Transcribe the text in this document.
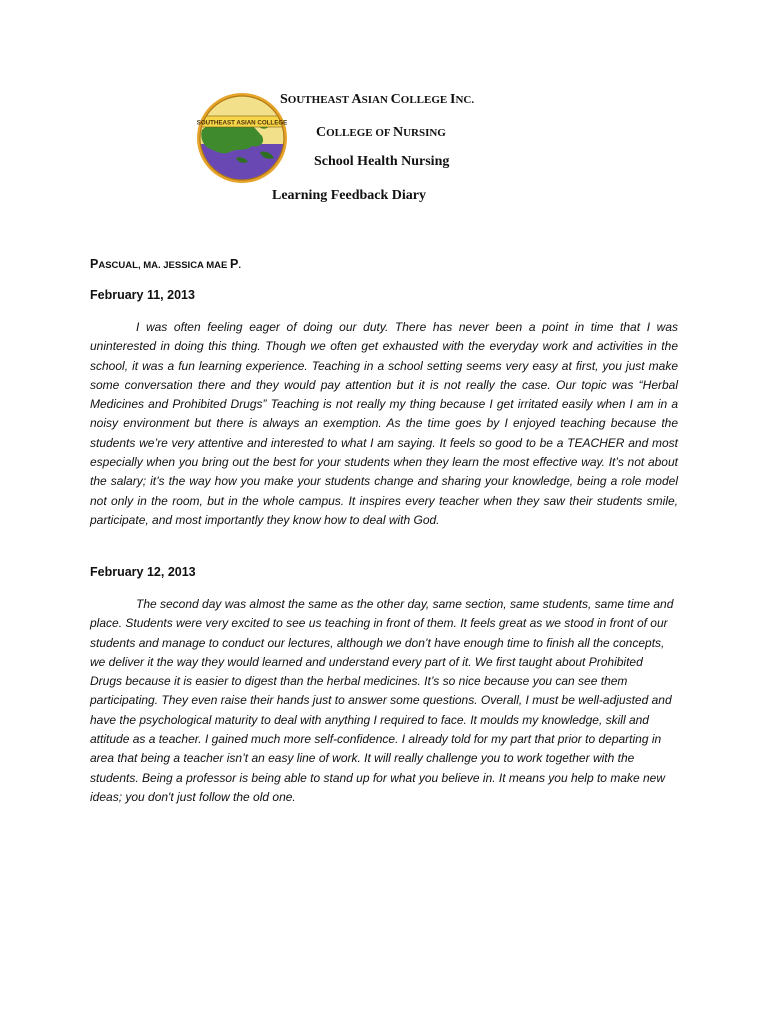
SOUTHEAST ASIAN COLLEGE
SOUTHEAST ASIAN COLLEGE INC.
COLLEGE OF NURSING
School Health Nursing
Learning Feedback Diary
PASCUAL, MA. JESSICA MAE P.
February 11, 2013

I was often feeling eager of doing our duty. There has never been a point in time that I was uninterested in doing this thing. Though we often get exhausted with the everyday work and activities in the school, it was a fun learning experience. Teaching in a school setting seems very easy at first, you just make some conversation there and they would pay attention but it is not really the case. Our topic was “Herbal Medicines and Prohibited Drugs” Teaching is not really my thing because I get irritated easily when I am in a noisy environment but there is always an exemption. As the time goes by I enjoyed teaching because the students we’re very attentive and interested to what I am saying. It feels so good to be a TEACHER and most especially when you bring out the best for your students when they learn the most effective way. It’s not about the salary; it’s the way how you make your students change and sharing your knowledge, being a role model not only in the room, but in the whole campus. It inspires every teacher when they saw their students smile, participate, and most importantly they know how to deal with God.

February 12, 2013

The second day was almost the same as the other day, same section, same students, same time and place. Students were very excited to see us teaching in front of them. It feels great as we stood in front of our students and manage to conduct our lectures, although we don’t have enough time to finish all the concepts, we deliver it the way they would learned and understand every part of it. We first taught about Prohibited Drugs because it is easier to digest than the herbal medicines. It’s so nice because you can see them participating. They even raise their hands just to answer some questions. Overall, I must be well-adjusted and have the psychological maturity to deal with anything I required to face. It moulds my knowledge, skill and attitude as a teacher. I gained much more self-confidence. I already told for my part that prior to departing in area that being a teacher isn’t an easy line of work. It will really challenge you to work together with the students. Being a professor is being able to stand up for what you believe in. It means you help to make new ideas; you don't just follow the old one.
